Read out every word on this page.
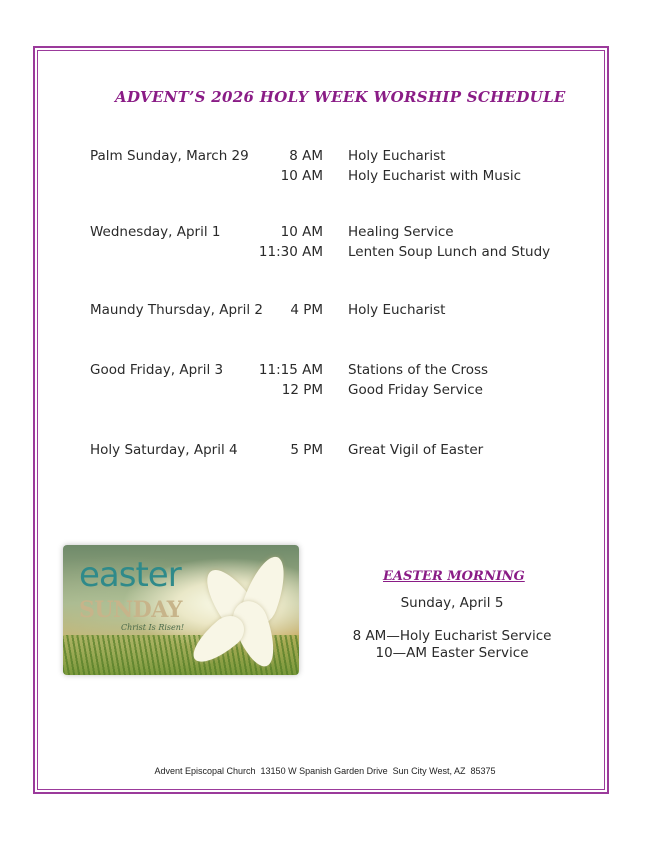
ADVENT’S 2026 HOLY WEEK WORSHIP SCHEDULE
Palm Sunday, March 29	8 AM Holy Eucharist
10 AM Holy Eucharist with Music
Wednesday, April 1	10 AM Healing Service
11:30 AM Lenten Soup Lunch and Study
Maundy Thursday, April 2	4 PM Holy Eucharist
Good Friday, April 3	11:15 AM Stations of the Cross
12 PM Good Friday Service
Holy Saturday, April 4	5 PM Great Vigil of Easter
easter
SUNDAY
Christ Is Risen!
EASTER MORNING
Sunday, April 5
8 AM—Holy Eucharist Service
10—AM Easter Service
Advent Episcopal Church  13150 W Spanish Garden Drive  Sun City West, AZ  85375
